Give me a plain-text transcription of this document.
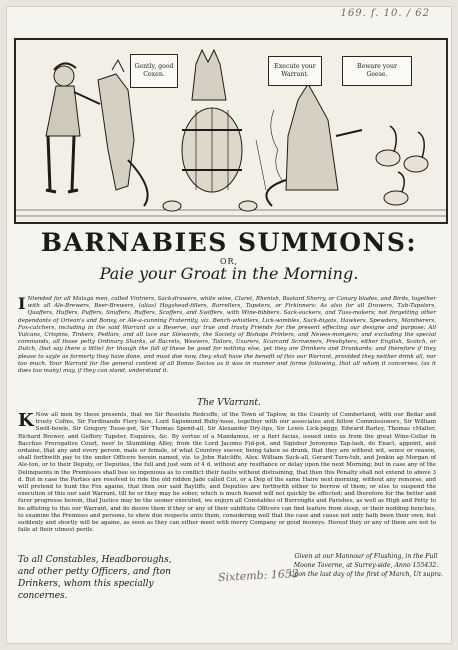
169. f. 10. / 62
Gently, good Coxen.
Execute your Warrant.
Beware your Geese.
BARNABIES SUMMONS:
OR,
Paie your Groat in the Morning.
I Ntended for all Malaga men, called Vintners, Sack-drawers, white wine, Claret, Rhenish, Bastard Sherry, or Canary blades, and Birds, together with all Ale-Brewers, Beer-Brewers, (alias) Hogshead-fillers, Barrellers, Tapsters, or Firkinners: As also for all Drawers, Tub-Tapsters, Quaffers, Huffers, Puffers, Snuffers, Ruffers, Scoffers, and Swiffers, with Wine-bibbers, Sack-suckers, and Tuss-makers; not forgetting other dependants of Orlean's and Bonsy, or Ale-a-cunning Fraternity, viz. Bench-whistlers, Lick-wimbles, Suck-bigots, Hawkers, Spewders, Moniherers, Fox-catchers, including in the said Warrant as a Reserve, our true and trusty Friends for the present effecting our designe and purpose; All Vulcans, Crispins, Tinkers, Pedlars, and all lace our Stewards, the Society of Bishops Printers, and Newes-mongers; and excluding the special commands, all those petty Ordinary Sharks, at Bacrets, Weavers, Tailors, Usurers, Scarcard Scriveners, Presbyters, either English, Scotch, or Dutch, (but say there a little) for though the fall of these be good for nothing else, yet they are Drinkers and Drunkards; and therefore if they please to sayle as formerly they have done, and must doe now, they shall have the benefit of this our Warrant, provided they neither drink all, nor too much. Your Warrant for the general content of all Bonos Socios as it was in manner and forme following, that all whom it concernes, (as it does too many) may, if they can stand, understand it.
The VVarrant.
K Now all men by these presents, that we Sir Resolute Redcoffe, of the Town of Taplow, in the County of Cumberland, with our Bedar and trusty Cofins, Sir Ferdinando Fiery-face, Lord Sigismund Ruby-nose, together with our associates and fellow Commissioners, Sir William Swill-bowle, Sir Gregory Tosse-pot, Sir Thomas Spend-all, Sir Alexander Dry-lips, Sir Lewis Lick-peggy, Edward Barley, Thomas cMalter, Richard Brewer, and Geffery Tapster, Esquires, &c. By vertue of a Mandamus, or a fieri facias, issued unto us from the great Wine-Cellar in Bacchus Prerogative Court, neer to Stumbling Alley, from the Lord Jacomo Fid-pot, and Sigisbur Jeronymo Tap-lash, do Enact, appoint, and ordaine, that any and every person, male or female, of what Countrey soever, being taken so drunk, that they are without wit, sence or reason, shall forthwith pay to the under Officers herein named, viz. to John Ratcliffe, Alex. William Suck-all, Gerard Turn-tub, and Jenkin ap Morgan of Ale-ton, or to their Deputy, or Deputies, the full and just sum of 4 d. without any resiftance or delay upon the next Morning; but in case any of the Delinquents in the Premisses shall bee so ingenious as to conflict their faults without distraining, that then this Penalty shall not extend to above 3 d. But in case the Parties are resolved to ride the old ridden Jade called Cut, or a Dog of the same Haire next morning, without any remorse, and will pretend to hunt the Fox againe, that then our said Bayliffs, and Deputies are forthwith either to borrow of them, or else to suspend the execution of this our said Warrant, till he or they may be sober, which is much feared will not quickly be effected; and therefore for the better and furer progresse herein, that Justice may be the sooner executed, we enjoyn all Constables of Burroughs and Parishes, as well as High and Petty to be affisting to this our Warrant, and do desire them if they or any of their subfitute Officers can find leafure from sleep, or their nodding benches, to examine the Premises and persons, to shew due respects unto them, considering well that the case and cause not only hath been their own, but suddenly and shortly will be againe, as soon as they can either meet with merry Company or good moneys. Hereof they or any of them are not to faile at their utmost perils.
To all Constables, Headboroughs, and other petty Officers, and fton Drinkers, whom this specially concernes.
Sixtemb: 1652
Given at our Mannour of Flushing, in the Full Moone Taverne, at Surrey-side, Anno 155432. Upon the last day of the first of March, Ut supra.
